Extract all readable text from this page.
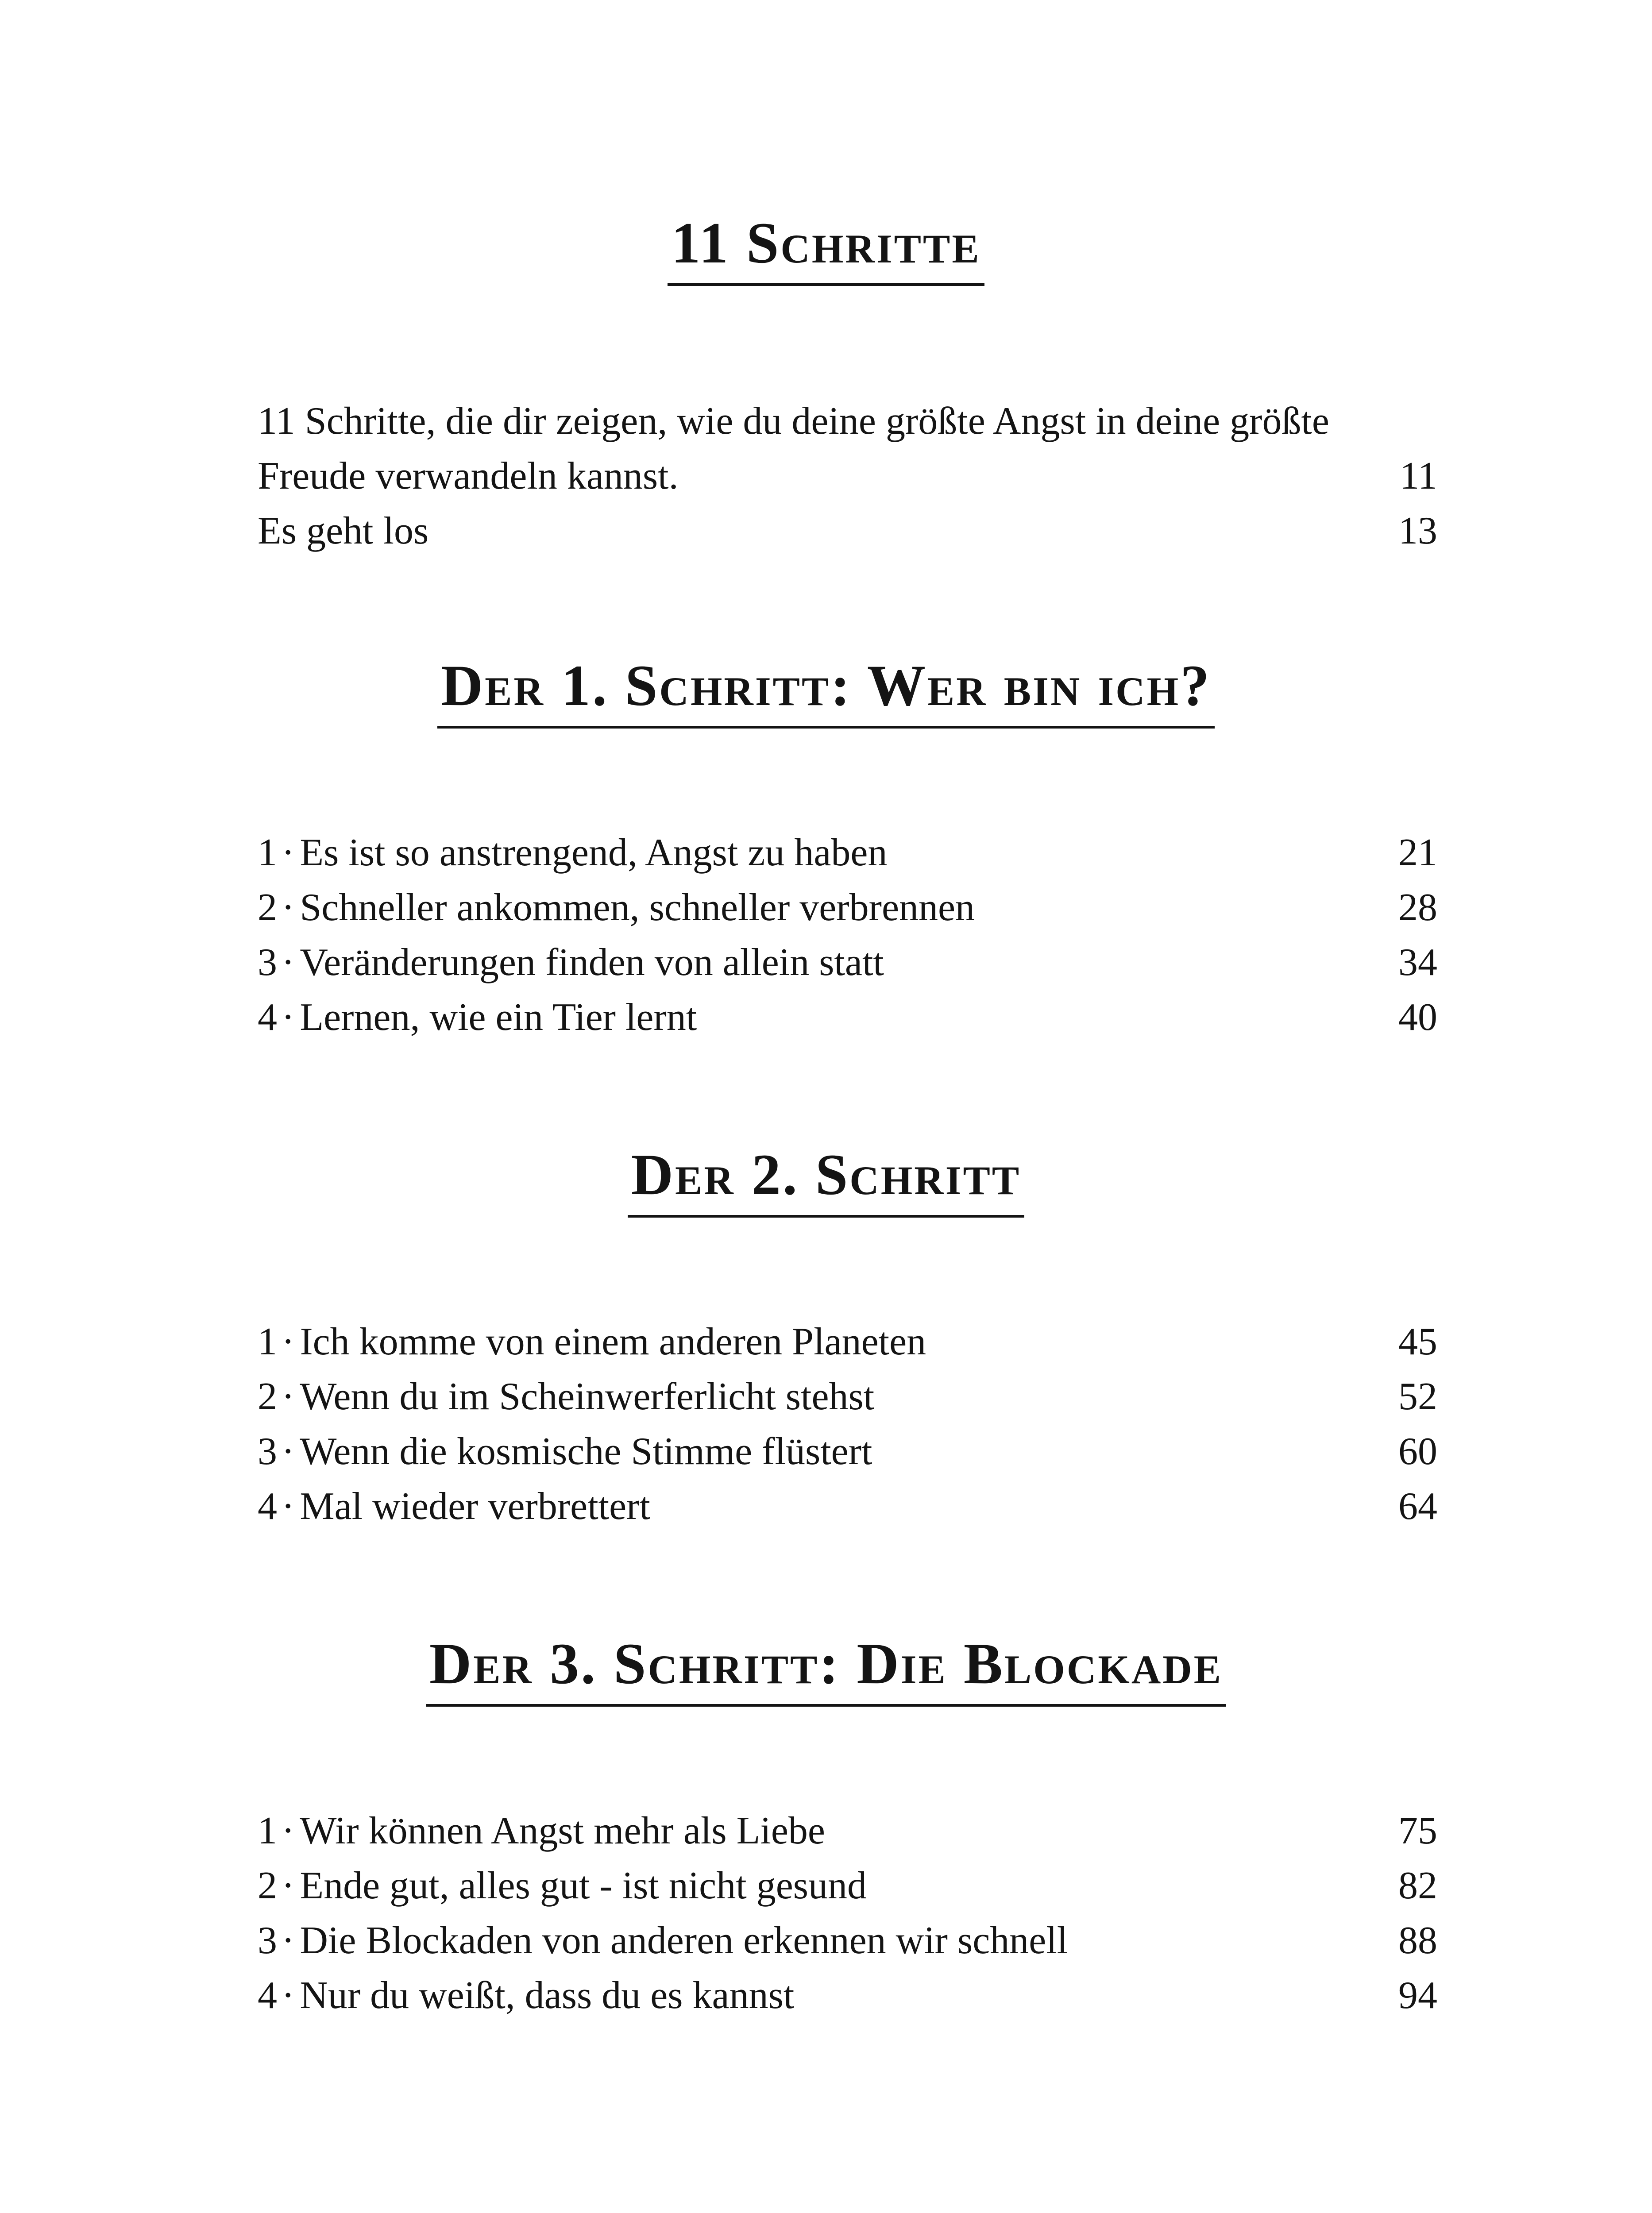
11 Schritte
11 Schritte, die dir zeigen, wie du deine größte Angst in deine größte
Freude verwandeln kannst.	11
Es geht los	13
Der 1. Schritt: Wer bin ich?
1 · Es ist so anstrengend, Angst zu haben	21
2 · Schneller ankommen, schneller verbrennen	28
3 · Veränderungen finden von allein statt	34
4 · Lernen, wie ein Tier lernt	40
Der 2. Schritt
1 · Ich komme von einem anderen Planeten	45
2 · Wenn du im Scheinwerferlicht stehst	52
3 · Wenn die kosmische Stimme flüstert	60
4 · Mal wieder verbrettert	64
Der 3. Schritt: Die Blockade
1 · Wir können Angst mehr als Liebe	75
2 · Ende gut, alles gut - ist nicht gesund	82
3 · Die Blockaden von anderen erkennen wir schnell	88
4 · Nur du weißt, dass du es kannst	94
